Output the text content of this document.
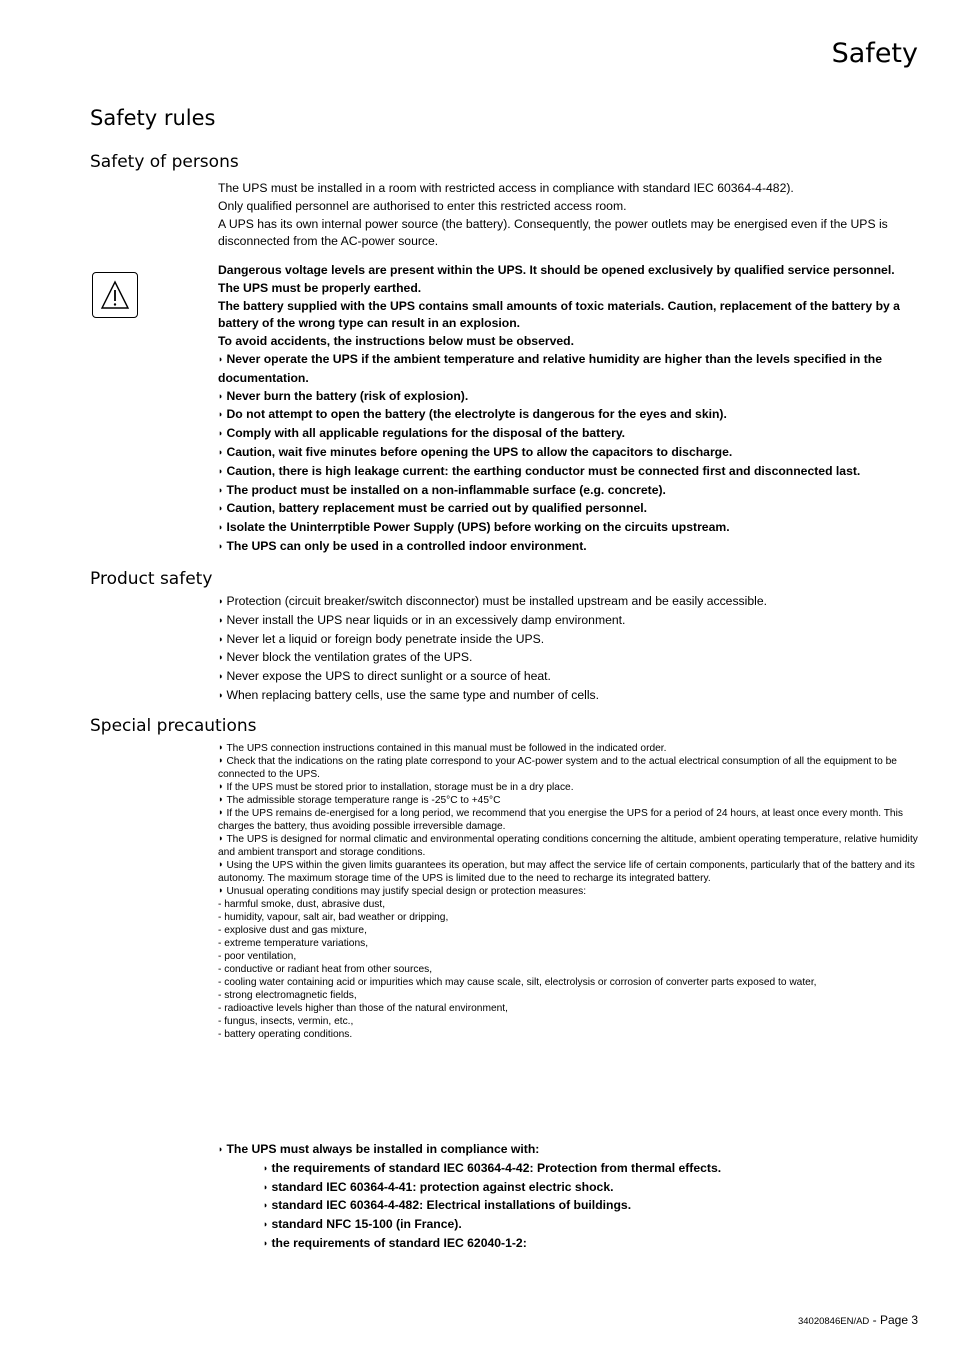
Safety
Safety rules
Safety of persons

The UPS must be installed in a room with restricted access in compliance with standard IEC 60364-4-482).

Only qualified personnel are authorised to enter this restricted access room.

A UPS has its own internal power source (the battery). Consequently, the power outlets may be energised even if the UPS is disconnected from the AC-power source.

Dangerous voltage levels are present within the UPS. It should be opened exclusively by qualified service personnel.

The UPS must be properly earthed.

The battery supplied with the UPS contains small amounts of toxic materials. Caution, replacement of the battery by a battery of the wrong type can result in an explosion.

To avoid accidents, the instructions below must be observed.

◗ Never operate the UPS if the ambient temperature and relative humidity are higher than the levels specified in the documentation.

◗ Never burn the battery (risk of explosion).

◗ Do not attempt to open the battery (the electrolyte is dangerous for the eyes and skin).

◗ Comply with all applicable regulations for the disposal of the battery.

◗ Caution, wait five minutes before opening the UPS to allow the capacitors to discharge.

◗ Caution, there is high leakage current: the earthing conductor must be connected first and disconnected last.

◗ The product must be installed on a non-inflammable surface (e.g. concrete).

◗ Caution, battery replacement must be carried out by qualified personnel.

◗ Isolate the Uninterrptible Power Supply (UPS) before working on the circuits upstream.

◗ The UPS can only be used in a controlled indoor environment.

Product safety

◗ Protection (circuit breaker/switch disconnector) must be installed upstream and be easily accessible.

◗ Never install the UPS near liquids or in an excessively damp environment.

◗ Never let a liquid or foreign body penetrate inside the UPS.

◗ Never block the ventilation grates of the UPS.

◗ Never expose the UPS to direct sunlight or a source of heat.

◗ When replacing battery cells, use the same type and number of cells.

Special precautions

◗ The UPS connection instructions contained in this manual must be followed in the indicated order.

◗ Check that the indications on the rating plate correspond to your AC-power system and to the actual electrical consumption of all the equipment to be connected to the UPS.

◗ If the UPS must be stored prior to installation, storage must be in a dry place.

◗ The admissible storage temperature range is -25°C to +45°C

◗ If the UPS remains de-energised for a long period, we recommend that you energise the UPS for a period of 24 hours, at least once every month. This charges the battery, thus avoiding possible irreversible damage.

◗ The UPS is designed for normal climatic and environmental operating conditions concerning the altitude, ambient operating temperature, relative humidity and ambient transport and storage conditions.

◗ Using the UPS within the given limits guarantees its operation, but may affect the service life of certain components, particularly that of the battery and its autonomy. The maximum storage time of the UPS is limited due to the need to recharge its integrated battery.

◗ Unusual operating conditions may justify special design or protection measures:

- harmful smoke, dust, abrasive dust,

- humidity, vapour, salt air, bad weather or dripping,

- explosive dust and gas mixture,

- extreme temperature variations,

- poor ventilation,

- conductive or radiant heat from other sources,

- cooling water containing acid or impurities which may cause scale, silt, electrolysis or corrosion of converter parts exposed to water,

- strong electromagnetic fields,

- radioactive levels higher than those of the natural environment,

- fungus, insects, vermin, etc.,

- battery operating conditions.

◗ The UPS must always be installed in compliance with:

◗ the requirements of standard IEC 60364-4-42: Protection from thermal effects.

◗ standard IEC 60364-4-41: protection against electric shock.

◗ standard IEC 60364-4-482: Electrical installations of buildings.

◗ standard NFC 15-100 (in France).

◗ the requirements of standard IEC 62040-1-2:

34020846EN/AD - Page 3
